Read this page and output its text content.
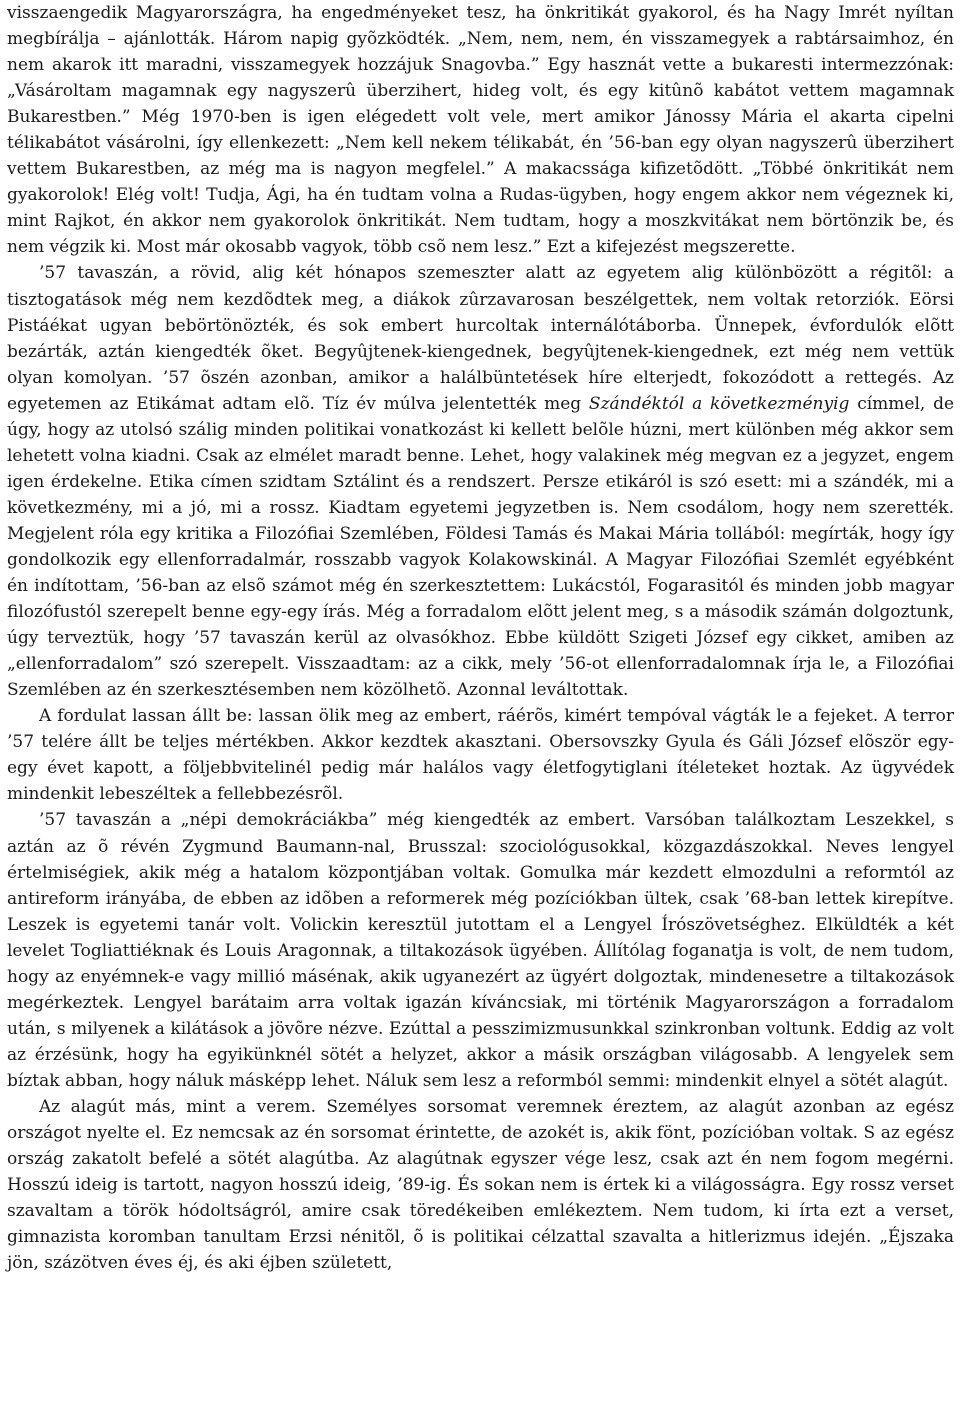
visszaengedik Magyarországra, ha engedményeket tesz, ha önkritikát gyakorol, és ha Nagy Imrét nyíltan megbírálja – ajánlották. Három napig gyõzködték. „Nem, nem, nem, én visszamegyek a rabtársaimhoz, én nem akarok itt maradni, visszamegyek hozzájuk Snagovba.” Egy hasznát vette a bukaresti intermezzónak: „Vásároltam magamnak egy nagyszerû überzihert, hideg volt, és egy kitûnõ kabátot vettem magamnak Bukarestben.” Még 1970-ben is igen elégedett volt vele, mert amikor Jánossy Mária el akarta cipelni télikabátot vásárolni, így ellenkezett: „Nem kell nekem télikabát, én ’56-ban egy olyan nagyszerû überzihert vettem Bukarestben, az még ma is nagyon megfelel.” A makacssága kifizetõdött. „Többé önkritikát nem gyakorolok! Elég volt! Tudja, Ági, ha én tudtam volna a Rudas-ügyben, hogy engem akkor nem végeznek ki, mint Rajkot, én akkor nem gyakorolok önkritikát. Nem tudtam, hogy a moszkvitákat nem börtönzik be, és nem végzik ki. Most már okosabb vagyok, több csõ nem lesz.” Ezt a kifejezést megszerette.

’57 tavaszán, a rövid, alig két hónapos szemeszter alatt az egyetem alig különbözött a régitõl: a tisztogatások még nem kezdõdtek meg, a diákok zûrzavarosan beszélgettek, nem voltak retorziók. Eörsi Pistáékat ugyan bebörtönözték, és sok embert hurcoltak internálótáborba. Ünnepek, évfordulók elõtt bezárták, aztán kiengedték õket. Begyûjtenek-kiengednek, begyûjtenek-kiengednek, ezt még nem vettük olyan komolyan. ’57 õszén azonban, amikor a halálbüntetések híre elterjedt, fokozódott a rettegés. Az egyetemen az Etikámat adtam elõ. Tíz év múlva jelentették meg Szándéktól a következményig címmel, de úgy, hogy az utolsó szálig minden politikai vonatkozást ki kellett belõle húzni, mert különben még akkor sem lehetett volna kiadni. Csak az elmélet maradt benne. Lehet, hogy valakinek még megvan ez a jegyzet, engem igen érdekelne. Etika címen szidtam Sztálint és a rendszert. Persze etikáról is szó esett: mi a szándék, mi a következmény, mi a jó, mi a rossz. Kiadtam egyetemi jegyzetben is. Nem csodálom, hogy nem szerették. Megjelent róla egy kritika a Filozófiai Szemlében, Földesi Tamás és Makai Mária tollából: megírták, hogy így gondolkozik egy ellenforradalmár, rosszabb vagyok Kolakowskinál. A Magyar Filozófiai Szemlét egyébként én indítottam, ’56-ban az elsõ számot még én szerkesztettem: Lukácstól, Fogarasitól és minden jobb magyar filozófustól szerepelt benne egy-egy írás. Még a forradalom elõtt jelent meg, s a második számán dolgoztunk, úgy terveztük, hogy ’57 tavaszán kerül az olvasókhoz. Ebbe küldött Szigeti József egy cikket, amiben az „ellenforradalom” szó szerepelt. Visszaadtam: az a cikk, mely ’56-ot ellenforradalomnak írja le, a Filozófiai Szemlében az én szerkesztésemben nem közölhetõ. Azonnal leváltottak.

A fordulat lassan állt be: lassan ölik meg az embert, ráérõs, kimért tempóval vágták le a fejeket. A terror ’57 telére állt be teljes mértékben. Akkor kezdtek akasztani. Obersovszky Gyula és Gáli József elõször egy-egy évet kapott, a följebbvitelinél pedig már halálos vagy életfogytiglani ítéleteket hoztak. Az ügyvédek mindenkit lebeszéltek a fellebbezésrõl.

’57 tavaszán a „népi demokráciákba” még kiengedték az embert. Varsóban találkoztam Leszekkel, s aztán az õ révén Zygmund Baumann-nal, Brusszal: szociológusokkal, közgazdászokkal. Neves lengyel értelmiségiek, akik még a hatalom központjában voltak. Gomulka már kezdett elmozdulni a reformtól az antireform irányába, de ebben az idõben a reformerek még pozíciókban ültek, csak ’68-ban lettek kirepítve. Leszek is egyetemi tanár volt. Volickin keresztül jutottam el a Lengyel Írószövetséghez. Elküldték a két levelet Togliattiéknak és Louis Aragonnak, a tiltakozások ügyében. Állítólag foganatja is volt, de nem tudom, hogy az enyémnek-e vagy millió másénak, akik ugyanezért az ügyért dolgoztak, mindenesetre a tiltakozások megérkeztek. Lengyel barátaim arra voltak igazán kíváncsiak, mi történik Magyarországon a forradalom után, s milyenek a kilátások a jövõre nézve. Ezúttal a pesszimizmusunkkal szinkronban voltunk. Eddig az volt az érzésünk, hogy ha egyikünknél sötét a helyzet, akkor a másik országban világosabb. A lengyelek sem bíztak abban, hogy náluk másképp lehet. Náluk sem lesz a reformból semmi: mindenkit elnyel a sötét alagút.

Az alagút más, mint a verem. Személyes sorsomat veremnek éreztem, az alagút azonban az egész országot nyelte el. Ez nemcsak az én sorsomat érintette, de azokét is, akik fönt, pozícióban voltak. S az egész ország zakatolt befelé a sötét alagútba. Az alagútnak egyszer vége lesz, csak azt én nem fogom megérni. Hosszú ideig is tartott, nagyon hosszú ideig, ’89-ig. És sokan nem is értek ki a világosságra. Egy rossz verset szavaltam a török hódoltságról, amire csak töredékeiben emlékeztem. Nem tudom, ki írta ezt a verset, gimnazista koromban tanultam Erzsi nénitõl, õ is politikai célzattal szavalta a hitlerizmus idején. „Éjszaka jön, százötven éves éj, és aki éjben született,
